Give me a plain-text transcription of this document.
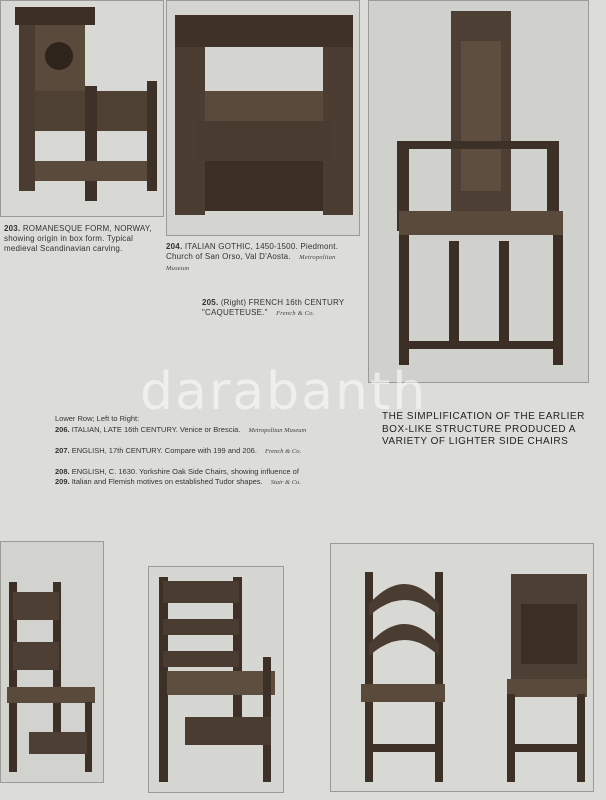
203. ROMANESQUE FORM, NORWAY, showing origin in box form. Typical medieval Scandinavian carving.	204. ITALIAN GOTHIC, 1450-1500. Piedmont. Church of San Orso, Val D'Aosta. Metropolitan Museum
205. (Right) FRENCH 16th CENTURY "CAQUETEUSE." French & Co.
darabanth
Lower Row; Left to Right:
206. ITALIAN, LATE 16th CENTURY. Venice or Brescia. Metropolitan Museum
207. ENGLISH, 17th CENTURY. Compare with 199 and 206. French & Co.
208. ENGLISH, C. 1630. Yorkshire Oak Side Chairs, showing influence of
209. Italian and Flemish motives on established Tudor shapes. Stair & Co.
THE SIMPLIFICATION OF THE EARLIER BOX-LIKE STRUCTURE PRODUCED A VARIETY OF LIGHTER SIDE CHAIRS
